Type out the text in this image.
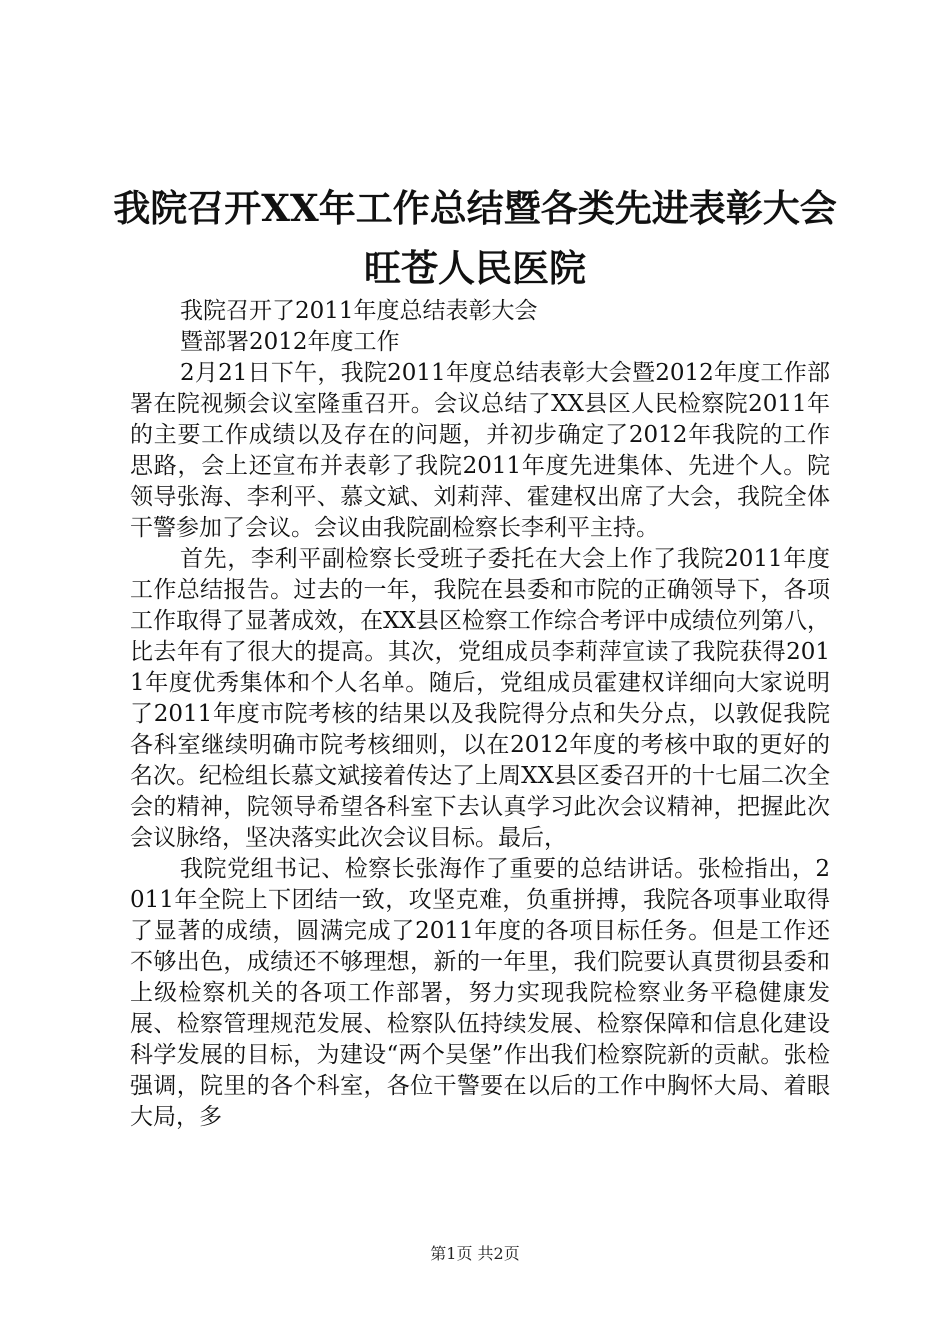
我院召开XX年工作总结暨各类先进表彰大会
旺苍人民医院

我院召开了2011年度总结表彰大会

暨部署2012年度工作

2月21日下午，我院2011年度总结表彰大会暨2012年度工作部署在院视频会议室隆重召开。会议总结了XX县区人民检察院2011年的主要工作成绩以及存在的问题，并初步确定了2012年我院的工作思路，会上还宣布并表彰了我院2011年度先进集体、先进个人。院领导张海、李利平、慕文斌、刘莉萍、霍建权出席了大会，我院全体干警参加了会议。会议由我院副检察长李利平主持。

首先，李利平副检察长受班子委托在大会上作了我院2011年度工作总结报告。过去的一年，我院在县委和市院的正确领导下，各项工作取得了显著成效，在XX县区检察工作综合考评中成绩位列第八，比去年有了很大的提高。其次，党组成员李莉萍宣读了我院获得2011年度优秀集体和个人名单。随后，党组成员霍建权详细向大家说明了2011年度市院考核的结果以及我院得分点和失分点，以敦促我院各科室继续明确市院考核细则，以在2012年度的考核中取的更好的名次。纪检组长慕文斌接着传达了上周XX县区委召开的十七届二次全会的精神，院领导希望各科室下去认真学习此次会议精神，把握此次会议脉络，坚决落实此次会议目标。最后，

我院党组书记、检察长张海作了重要的总结讲话。张检指出，2011年全院上下团结一致，攻坚克难，负重拼搏，我院各项事业取得了显著的成绩，圆满完成了2011年度的各项目标任务。但是工作还不够出色，成绩还不够理想，新的一年里，我们院要认真贯彻县委和上级检察机关的各项工作部署，努力实现我院检察业务平稳健康发展、检察管理规范发展、检察队伍持续发展、检察保障和信息化建设科学发展的目标，为建设“两个吴堡”作出我们检察院新的贡献。张检强调，院里的各个科室，各位干警要在以后的工作中胸怀大局、着眼大局，多

第1页 共2页
